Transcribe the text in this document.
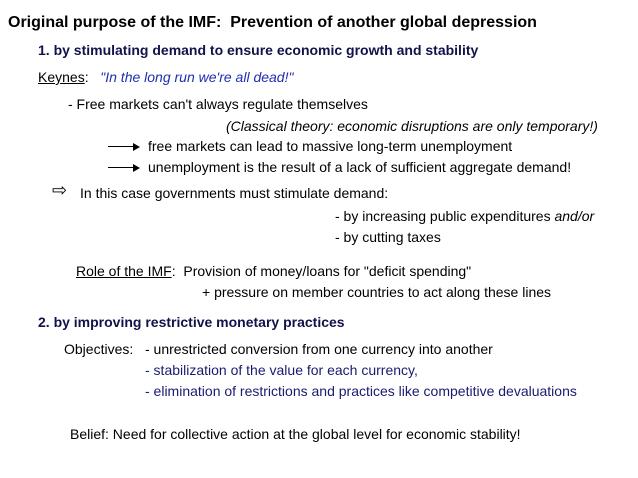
Original purpose of the IMF: Prevention of another global depression
1. by stimulating demand to ensure economic growth and stability
Keynes: "In the long run we're all dead!"
- Free markets can't always regulate themselves
(Classical theory: economic disruptions are only temporary!)
free markets can lead to massive long-term unemployment
unemployment is the result of a lack of sufficient aggregate demand!
⇨ In this case governments must stimulate demand:
- by increasing public expenditures and/or
- by cutting taxes
Role of the IMF: Provision of money/loans for "deficit spending"
+ pressure on member countries to act along these lines
2. by improving restrictive monetary practices
Objectives: - unrestricted conversion from one currency into another
- stabilization of the value for each currency,
- elimination of restrictions and practices like competitive devaluations
Belief: Need for collective action at the global level for economic stability!
